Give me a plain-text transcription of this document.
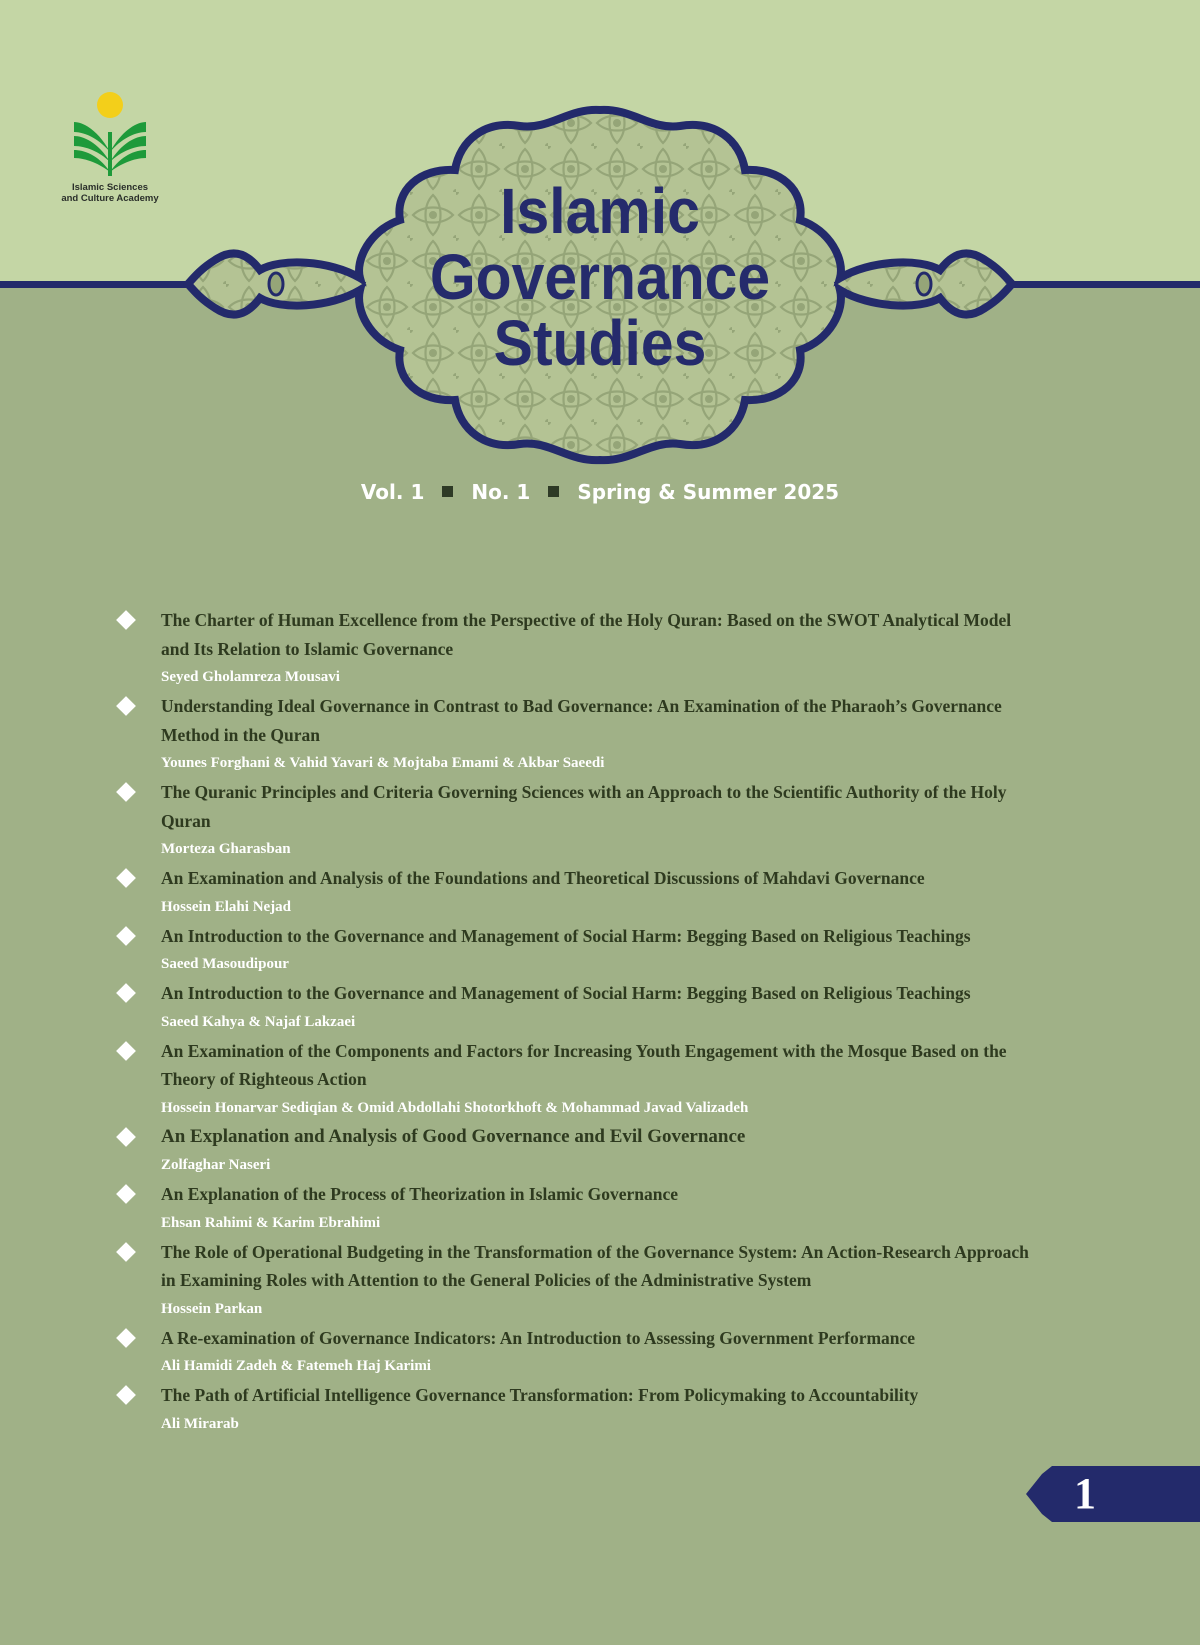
Islamic Sciences
and Culture Academy	Islamic
Governance
Studies
Vol. 1 No. 1 Spring & Summer 2025
The Charter of Human Excellence from the Perspective of the Holy Quran: Based on the SWOT Analytical Model and Its Relation to Islamic Governance
Seyed Gholamreza Mousavi
Understanding Ideal Governance in Contrast to Bad Governance: An Examination of the Pharaoh’s Governance Method in the Quran
Younes Forghani & Vahid Yavari & Mojtaba Emami & Akbar Saeedi
The Quranic Principles and Criteria Governing Sciences with an Approach to the Scientific Authority of the Holy Quran
Morteza Gharasban
An Examination and Analysis of the Foundations and Theoretical Discussions of Mahdavi Governance
Hossein Elahi Nejad
An Introduction to the Governance and Management of Social Harm: Begging Based on Religious Teachings
Saeed Masoudipour
An Introduction to the Governance and Management of Social Harm: Begging Based on Religious Teachings
Saeed Kahya & Najaf Lakzaei
An Examination of the Components and Factors for Increasing Youth Engagement with the Mosque Based on the Theory of Righteous Action
Hossein Honarvar Sediqian & Omid Abdollahi Shotorkhoft & Mohammad Javad Valizadeh
An Explanation and Analysis of Good Governance and Evil Governance
Zolfaghar Naseri
An Explanation of the Process of Theorization in Islamic Governance
Ehsan Rahimi & Karim Ebrahimi
The Role of Operational Budgeting in the Transformation of the Governance System: An Action-Research Approach in Examining Roles with Attention to the General Policies of the Administrative System
Hossein Parkan
A Re-examination of Governance Indicators: An Introduction to Assessing Government Performance
Ali Hamidi Zadeh & Fatemeh Haj Karimi
The Path of Artificial Intelligence Governance Transformation: From Policymaking to Accountability
Ali Mirarab
1
